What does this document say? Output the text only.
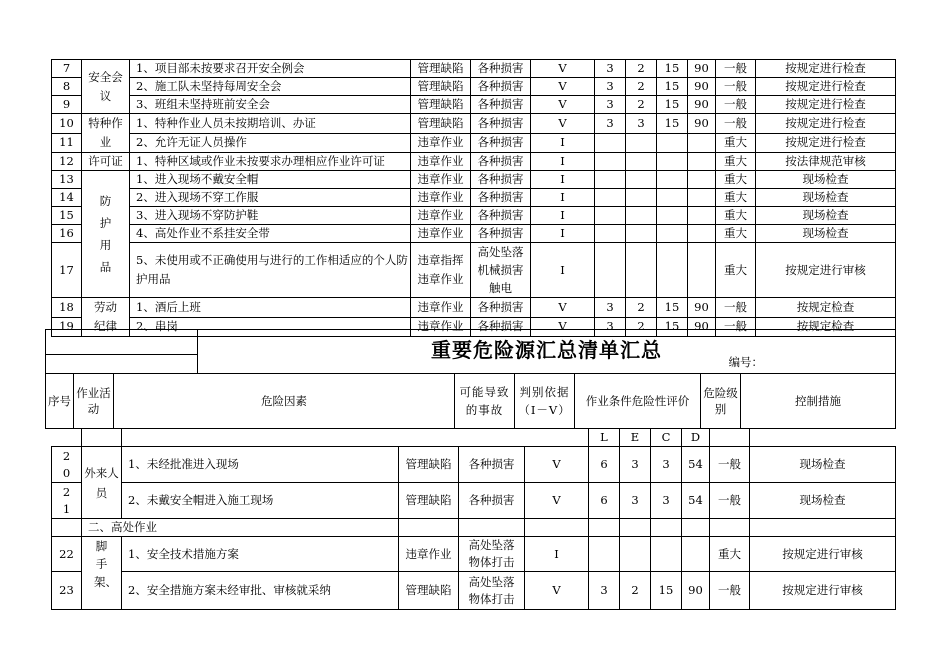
7	安全会议	1、项目部未按要求召开安全例会	管理缺陷	各种损害	V	3	2	15	90	一般	按规定进行检查
8		2、施工队未坚持每周安全会	管理缺陷	各种损害	V	3	2	15	90	一般	按规定进行检查
9		3、班组未坚持班前安全会	管理缺陷	各种损害	V	3	2	15	90	一般	按规定进行检查
10	特种作业	1、特种作业人员未按期培训、办证	管理缺陷	各种损害	V	3	3	15	90	一般	按规定进行检查
11		2、允许无证人员操作	违章作业	各种损害	I					重大	按规定进行检查
12	许可证	1、特种区域或作业未按要求办理相应作业许可证	违章作业	各种损害	I					重大	按法律规范审核
13	防护用品	1、进入现场不戴安全帽	违章作业	各种损害	I					重大	现场检查
14		2、进入现场不穿工作服	违章作业	各种损害	I					重大	现场检查
15		3、进入现场不穿防护鞋	违章作业	各种损害	I					重大	现场检查
16		4、高处作业不系挂安全带	违章作业	各种损害	I					重大	现场检查
17		5、未使用或不正确使用与进行的工作相适应的个人防护用品	违章指挥 违章作业	高处坠落 机械损害 触电	I					重大	按规定进行审核
18	劳动纪律	1、酒后上班	违章作业	各种损害	V	3	2	15	90	一般	按规定检查
19		2、串岗	违章作业	各种损害	V	3	2	15	90	一般	按规定检查
			重要危险源汇总清单汇总
编号：					

序号	作业活动	危险因素		可能导致的事故	判别依据（I－V）	作业条件危险性评价	危险级别	控制措施
						L	E	C	D		
20	外来人员	1、未经批准进入现场	管理缺陷	各种损害	V	6	3	3	54	一般	现场检查
21		2、未戴安全帽进入施工现场	管理缺陷	各种损害	V	6	3	3	54	一般	现场检查
	二、高处作业										
22	脚手架、	1、安全技术措施方案	违章作业	高处坠落 物体打击	I					重大	按规定进行审核
23		2、安全措施方案未经审批、审核就采纳	管理缺陷	高处坠落 物体打击	V	3	2	15	90	一般	按规定进行审核
